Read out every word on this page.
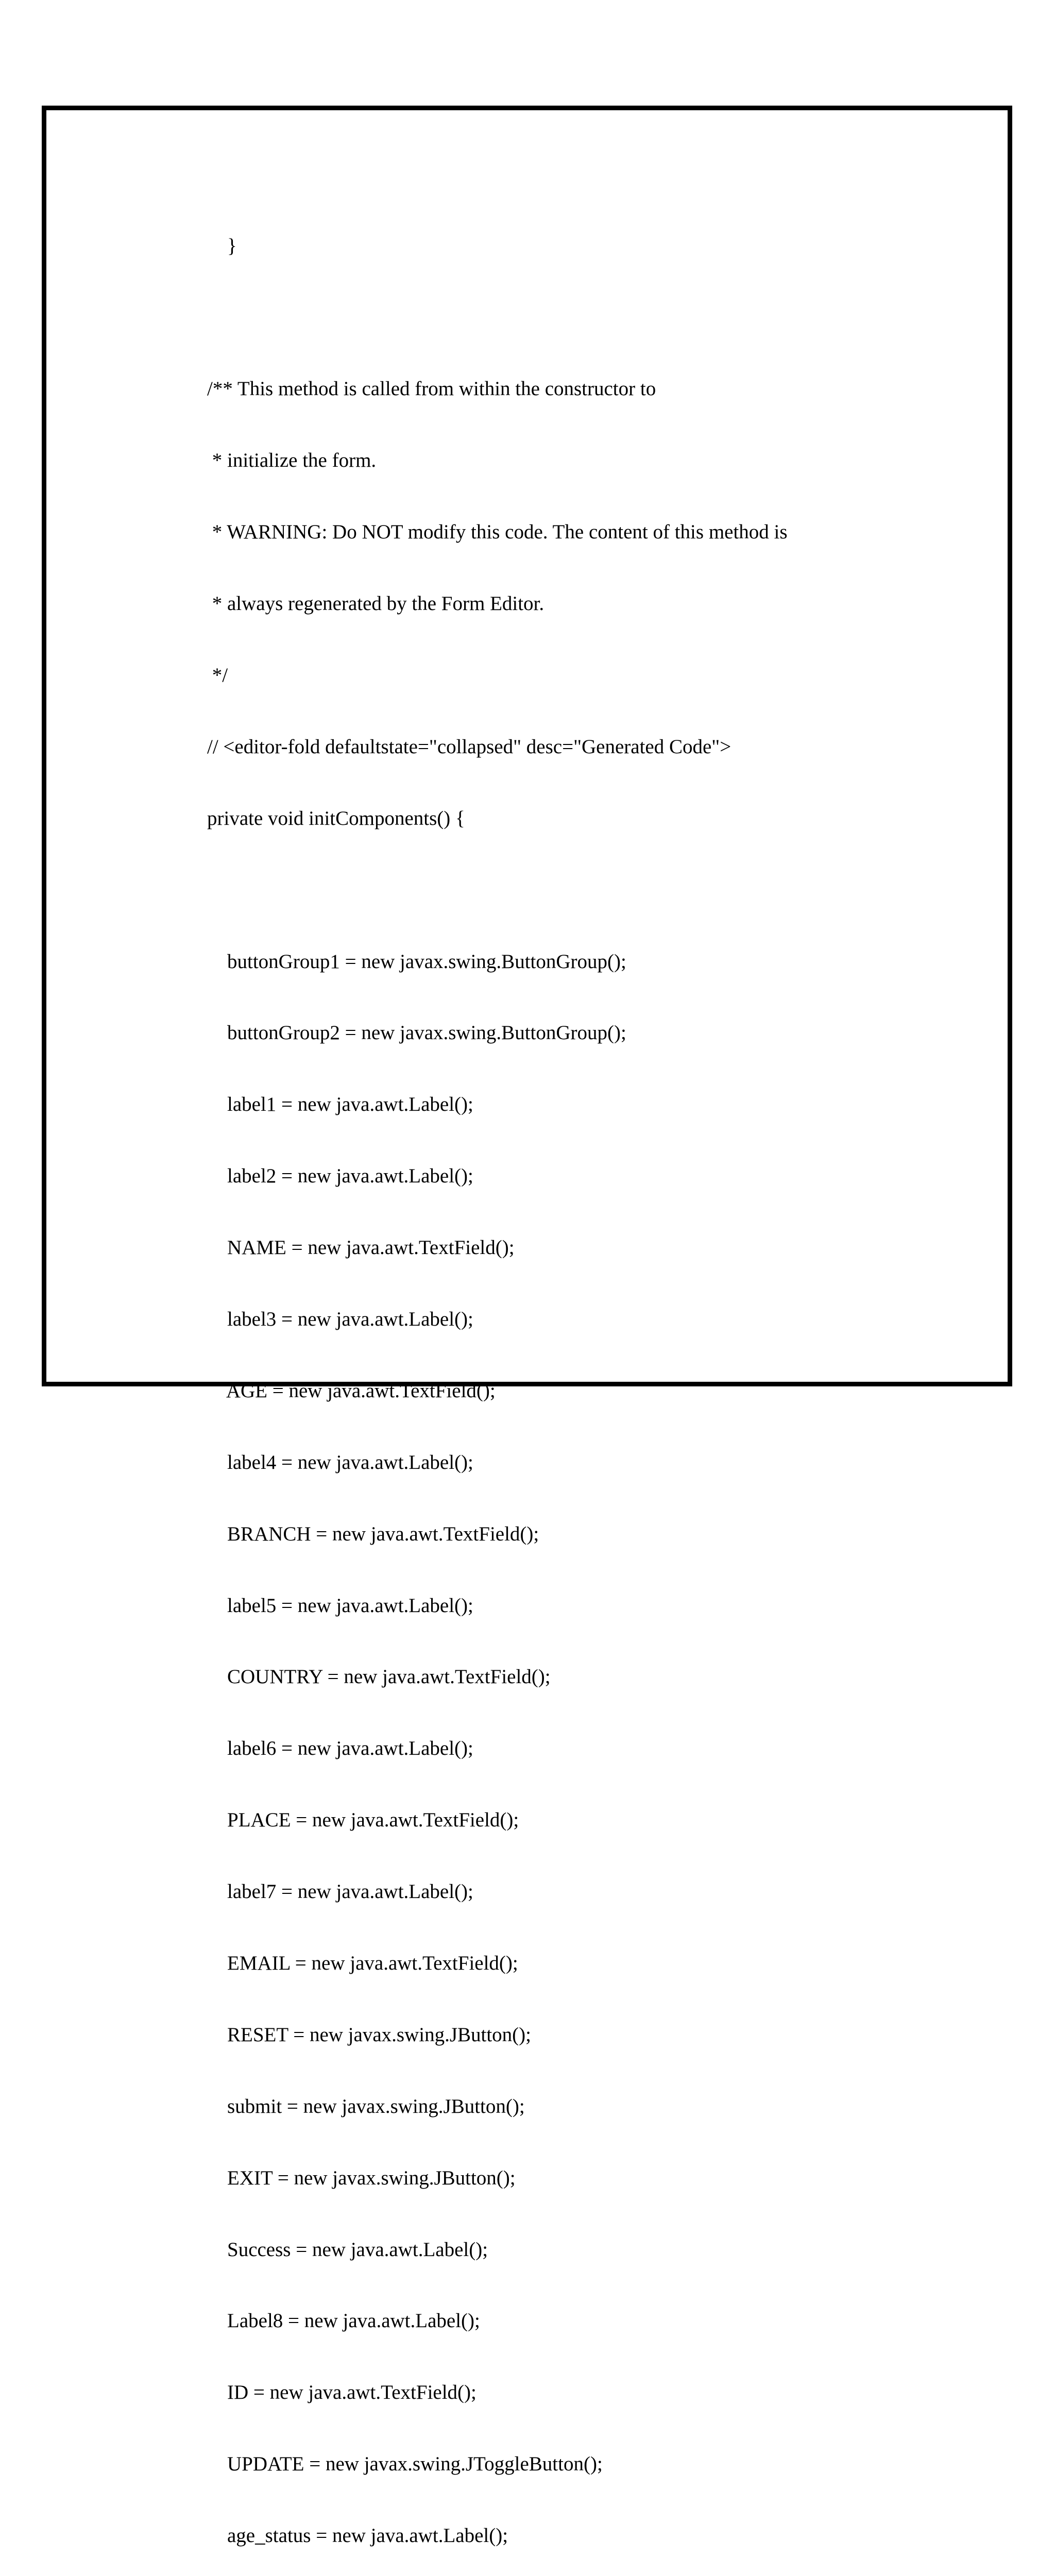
}

/** This method is called from within the constructor to

* initialize the form.

* WARNING: Do NOT modify this code. The content of this method is

* always regenerated by the Form Editor.

*/

// <editor-fold defaultstate="collapsed" desc="Generated Code">

private void initComponents() {

buttonGroup1 = new javax.swing.ButtonGroup();

buttonGroup2 = new javax.swing.ButtonGroup();

label1 = new java.awt.Label();

label2 = new java.awt.Label();

NAME = new java.awt.TextField();

label3 = new java.awt.Label();

AGE = new java.awt.TextField();

label4 = new java.awt.Label();

BRANCH = new java.awt.TextField();

label5 = new java.awt.Label();

COUNTRY = new java.awt.TextField();

label6 = new java.awt.Label();

PLACE = new java.awt.TextField();

label7 = new java.awt.Label();

EMAIL = new java.awt.TextField();

RESET = new javax.swing.JButton();

submit = new javax.swing.JButton();

EXIT = new javax.swing.JButton();

Success = new java.awt.Label();

Label8 = new java.awt.Label();

ID = new java.awt.TextField();

UPDATE = new javax.swing.JToggleButton();

age_status = new java.awt.Label();
